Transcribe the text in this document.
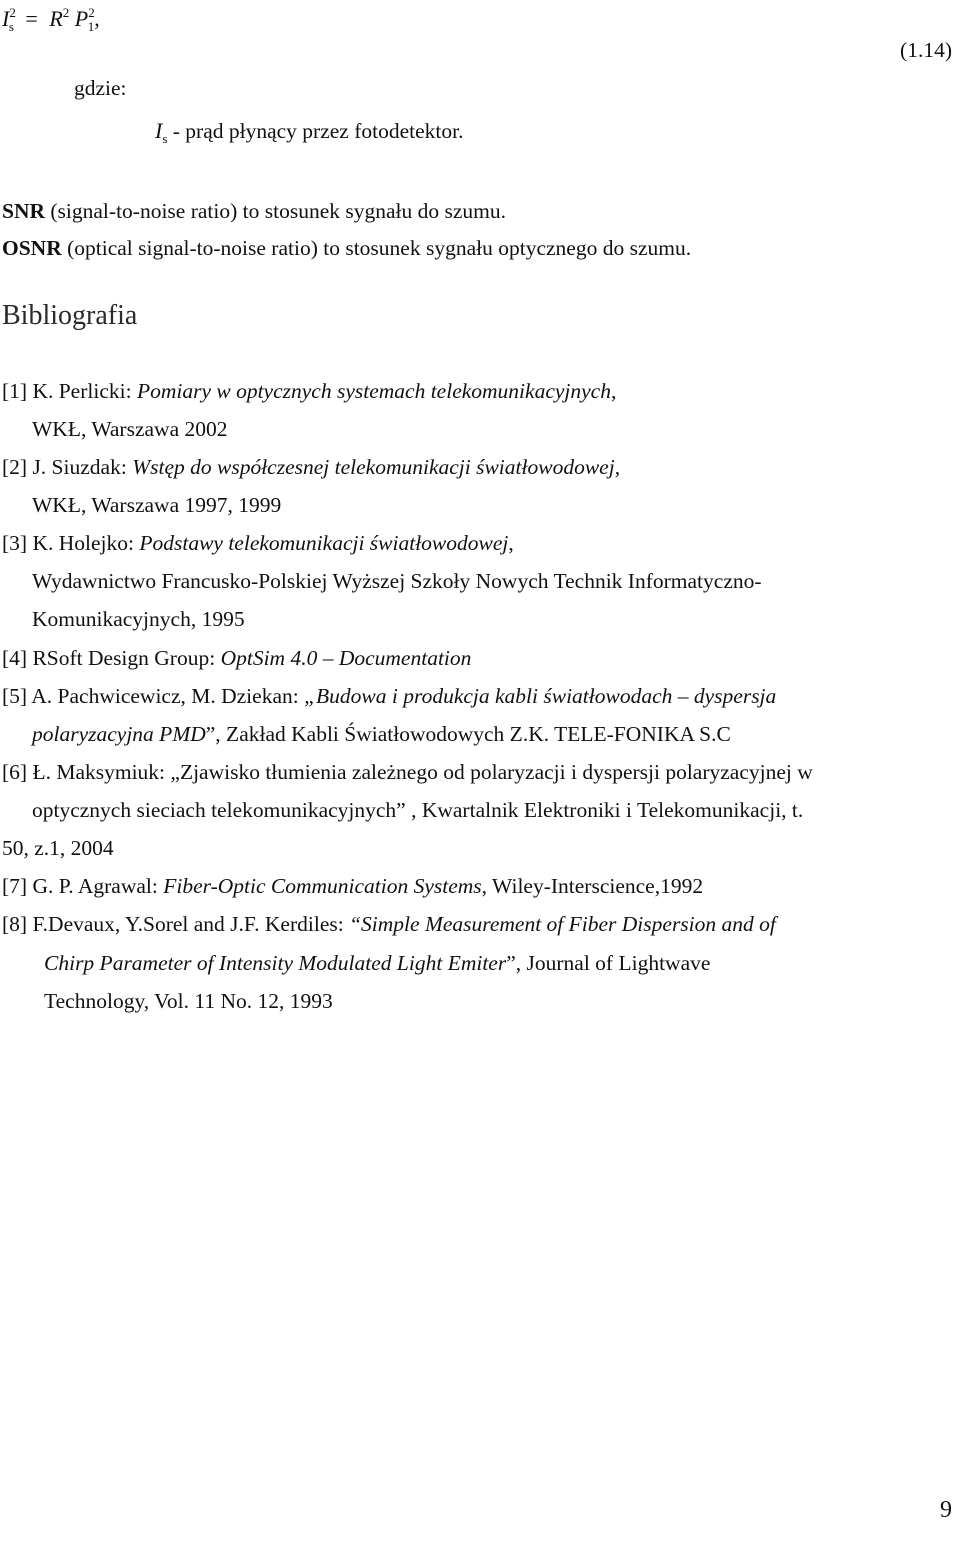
$I^2_s = R^2$ $P^2_1$,
(1.14)
gdzie:
$I_s$ - prąd płynący przez fotodetektor.
SNR (signal-to-noise ratio) to stosunek sygnału do szumu.
OSNR (optical signal-to-noise ratio) to stosunek sygnału optycznego do szumu.
Bibliografia
[1] K. Perlicki: Pomiary w optycznych systemach telekomunikacyjnych,
WKŁ, Warszawa 2002
[2] J. Siuzdak: Wstęp do współczesnej telekomunikacji światłowodowej,
WKŁ, Warszawa 1997, 1999
[3] K. Holejko: Podstawy telekomunikacji światłowodowej,
Wydawnictwo Francusko-Polskiej Wyższej Szkoły Nowych Technik Informatyczno-
Komunikacyjnych, 1995
[4] RSoft Design Group: OptSim 4.0 – Documentation
[5] A. Pachwicewicz, M. Dziekan: „Budowa i produkcja kabli światłowodach – dyspersja
polaryzacyjna PMD”, Zakład Kabli Światłowodowych Z.K. TELE-FONIKA S.C
[6] Ł. Maksymiuk: „Zjawisko tłumienia zależnego od polaryzacji i dyspersji polaryzacyjnej w
optycznych sieciach telekomunikacyjnych” , Kwartalnik Elektroniki i Telekomunikacji, t.
50, z.1, 2004
[7] G. P. Agrawal: Fiber-Optic Communication Systems, Wiley-Interscience,1992
[8] F.Devaux, Y.Sorel and J.F. Kerdiles: “Simple Measurement of Fiber Dispersion and of
Chirp Parameter of Intensity Modulated Light Emiter”, Journal of Lightwave
Technology, Vol. 11 No. 12, 1993
9
